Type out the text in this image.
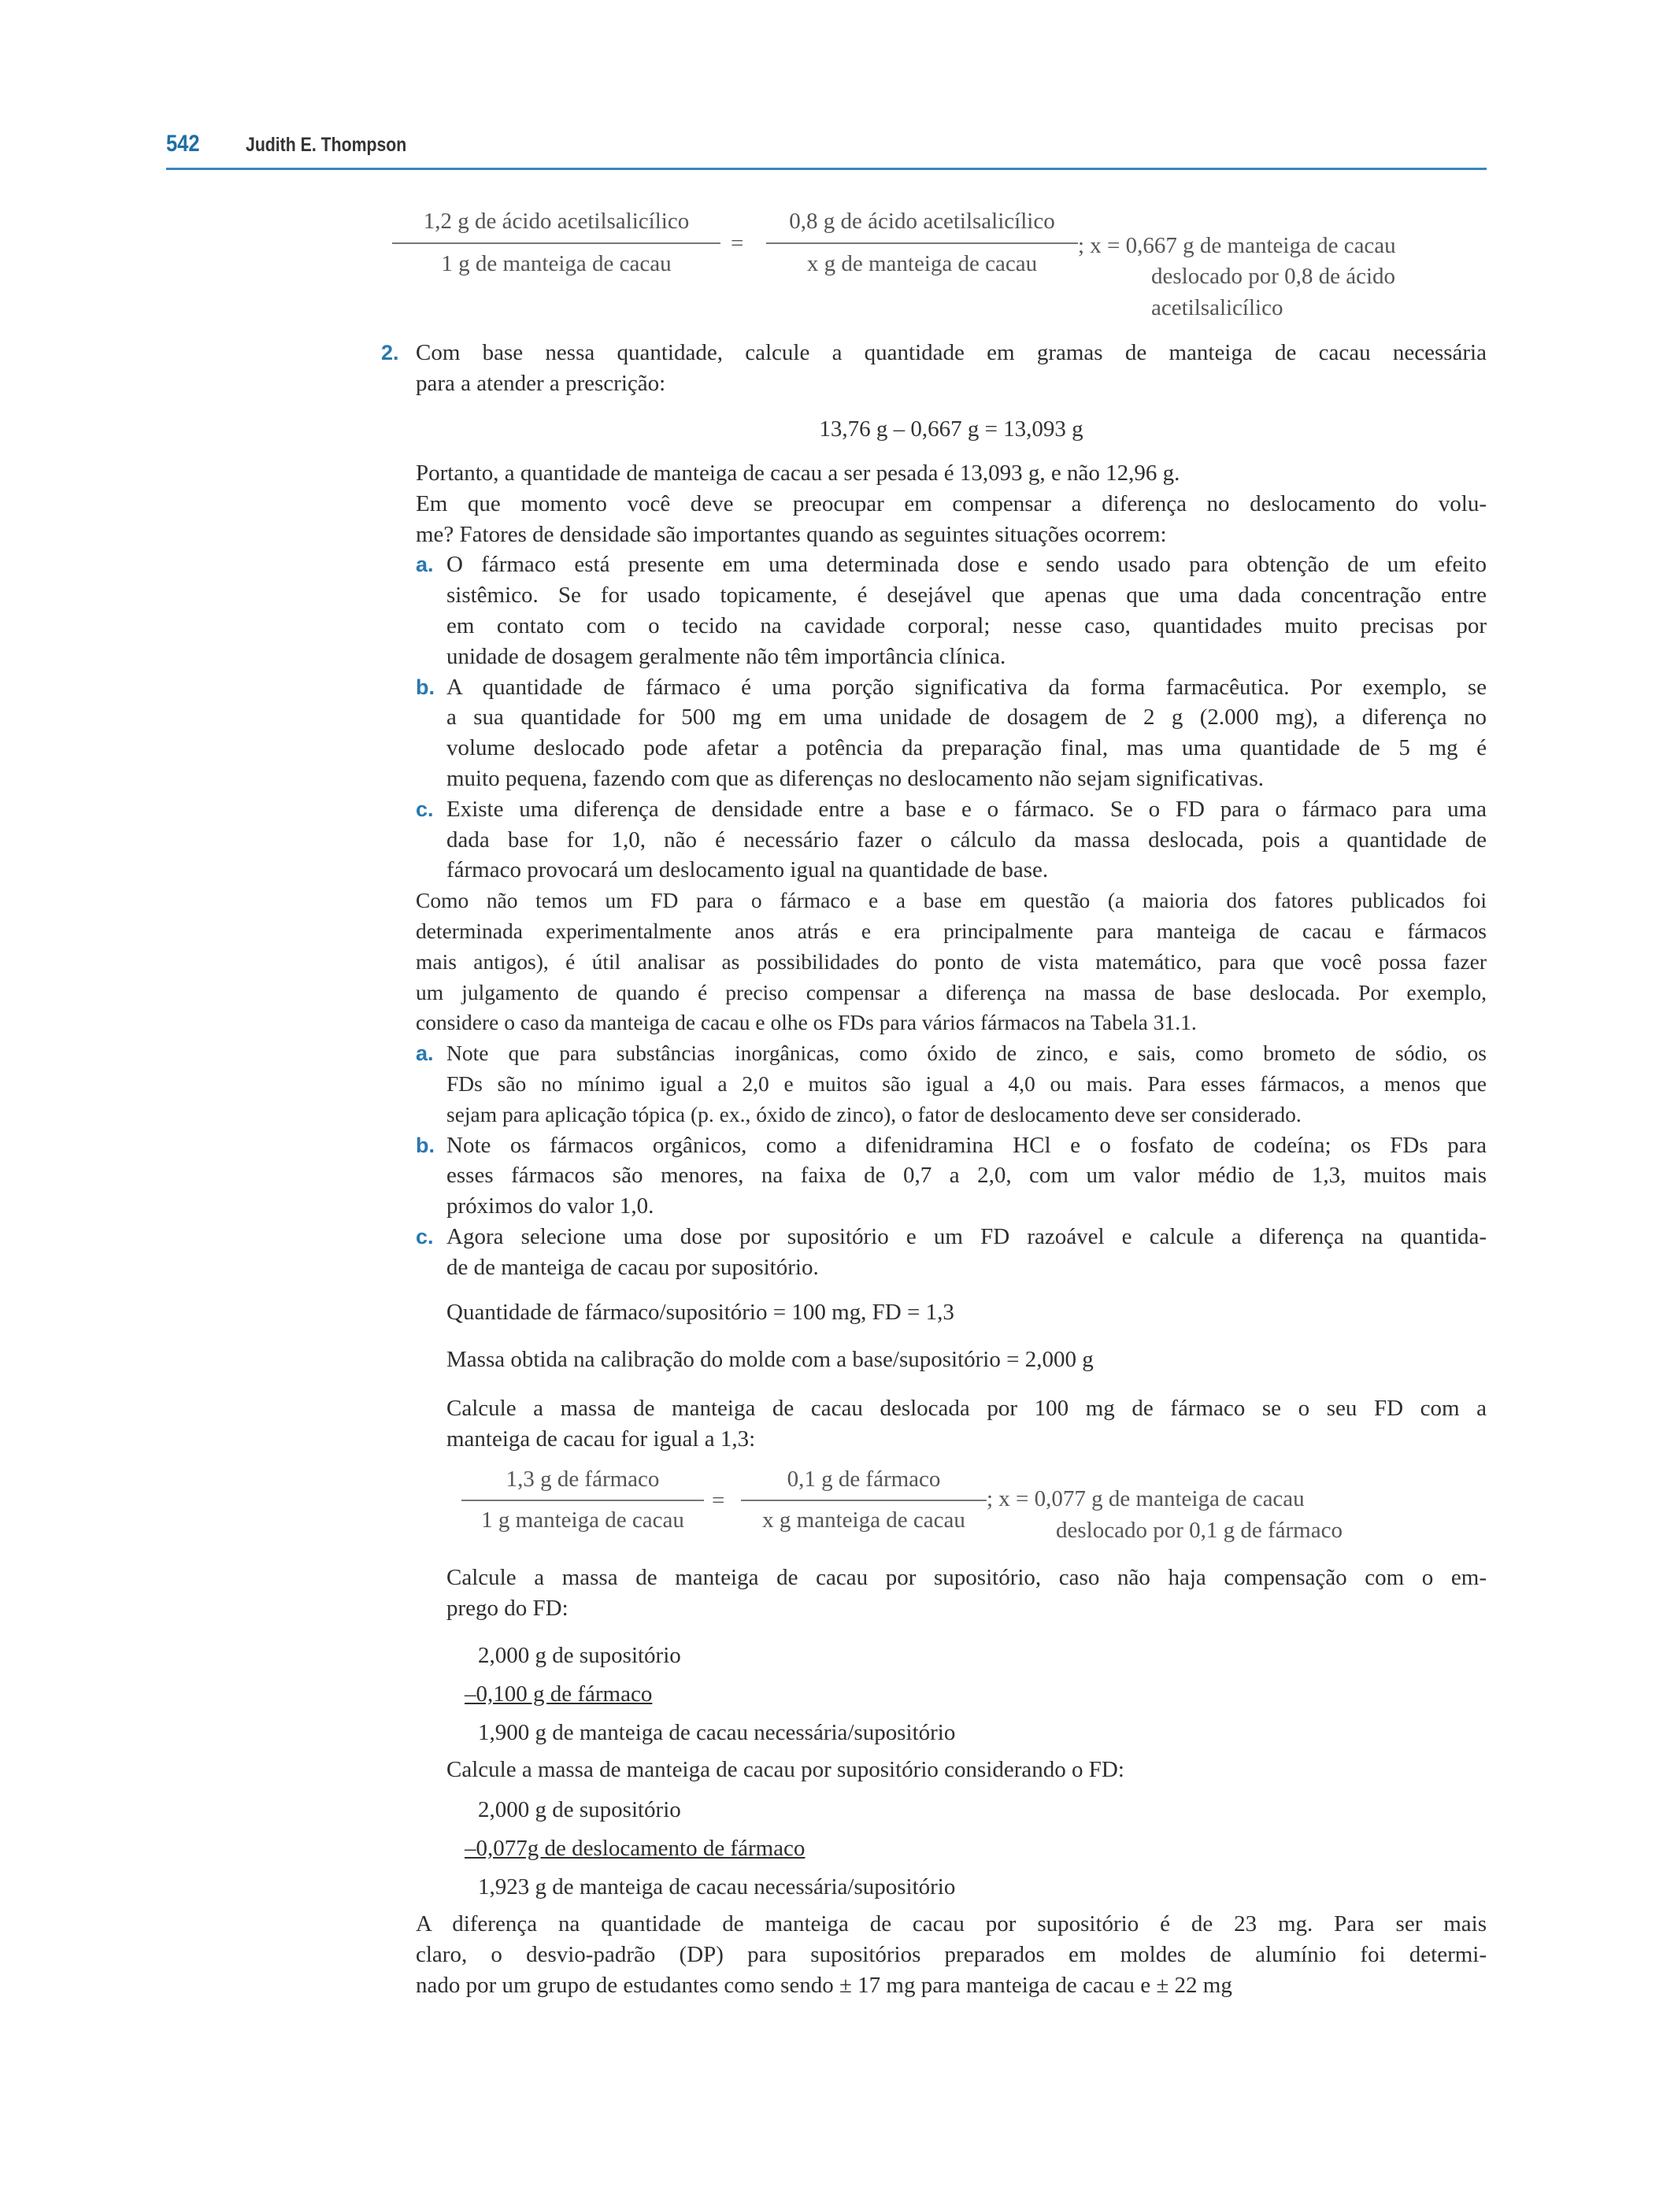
542 Judith E. Thompson
1,2 g de ácido acetilsalicílico
1 g de manteiga de cacau
=
0,8 g de ácido acetilsalicílico
x g de manteiga de cacau
; x = 0,667 g de manteiga de cacau
deslocado por 0,8 de ácido
acetilsalicílico
2. Com base nessa quantidade, calcule a quantidade em gramas de manteiga de cacau necessária
para a atender a prescrição:
13,76 g – 0,667 g = 13,093 g
Portanto, a quantidade de manteiga de cacau a ser pesada é 13,093 g, e não 12,96 g.
Em que momento você deve se preocupar em compensar a diferença no deslocamento do volu-
me? Fatores de densidade são importantes quando as seguintes situações ocorrem:
a. O fármaco está presente em uma determinada dose e sendo usado para obtenção de um efeito
sistêmico. Se for usado topicamente, é desejável que apenas que uma dada concentração entre
em contato com o tecido na cavidade corporal; nesse caso, quantidades muito precisas por
unidade de dosagem geralmente não têm importância clínica.
b. A quantidade de fármaco é uma porção significativa da forma farmacêutica. Por exemplo, se
a sua quantidade for 500 mg em uma unidade de dosagem de 2 g (2.000 mg), a diferença no
volume deslocado pode afetar a potência da preparação final, mas uma quantidade de 5 mg é
muito pequena, fazendo com que as diferenças no deslocamento não sejam significativas.
c. Existe uma diferença de densidade entre a base e o fármaco. Se o FD para o fármaco para uma
dada base for 1,0, não é necessário fazer o cálculo da massa deslocada, pois a quantidade de
fármaco provocará um deslocamento igual na quantidade de base.
Como não temos um FD para o fármaco e a base em questão (a maioria dos fatores publicados foi
determinada experimentalmente anos atrás e era principalmente para manteiga de cacau e fármacos
mais antigos), é útil analisar as possibilidades do ponto de vista matemático, para que você possa fazer
um julgamento de quando é preciso compensar a diferença na massa de base deslocada. Por exemplo,
considere o caso da manteiga de cacau e olhe os FDs para vários fármacos na Tabela 31.1.
a. Note que para substâncias inorgânicas, como óxido de zinco, e sais, como brometo de sódio, os
FDs são no mínimo igual a 2,0 e muitos são igual a 4,0 ou mais. Para esses fármacos, a menos que
sejam para aplicação tópica (p. ex., óxido de zinco), o fator de deslocamento deve ser considerado.
b. Note os fármacos orgânicos, como a difenidramina HCl e o fosfato de codeína; os FDs para
esses fármacos são menores, na faixa de 0,7 a 2,0, com um valor médio de 1,3, muitos mais
próximos do valor 1,0.
c. Agora selecione uma dose por supositório e um FD razoável e calcule a diferença na quantida-
de de manteiga de cacau por supositório.
Quantidade de fármaco/supositório = 100 mg, FD = 1,3
Massa obtida na calibração do molde com a base/supositório = 2,000 g
Calcule a massa de manteiga de cacau deslocada por 100 mg de fármaco se o seu FD com a
manteiga de cacau for igual a 1,3:
1,3 g de fármaco
1 g manteiga de cacau
=
0,1 g de fármaco
x g manteiga de cacau
; x = 0,077 g de manteiga de cacau
deslocado por 0,1 g de fármaco
Calcule a massa de manteiga de cacau por supositório, caso não haja compensação com o em-
prego do FD:
2,000 g de supositório
–0,100 g de fármaco
1,900 g de manteiga de cacau necessária/supositório
Calcule a massa de manteiga de cacau por supositório considerando o FD:
2,000 g de supositório
–0,077g de deslocamento de fármaco
1,923 g de manteiga de cacau necessária/supositório
A diferença na quantidade de manteiga de cacau por supositório é de 23 mg. Para ser mais
claro, o desvio-padrão (DP) para supositórios preparados em moldes de alumínio foi determi-
nado por um grupo de estudantes como sendo ± 17 mg para manteiga de cacau e ± 22 mg
